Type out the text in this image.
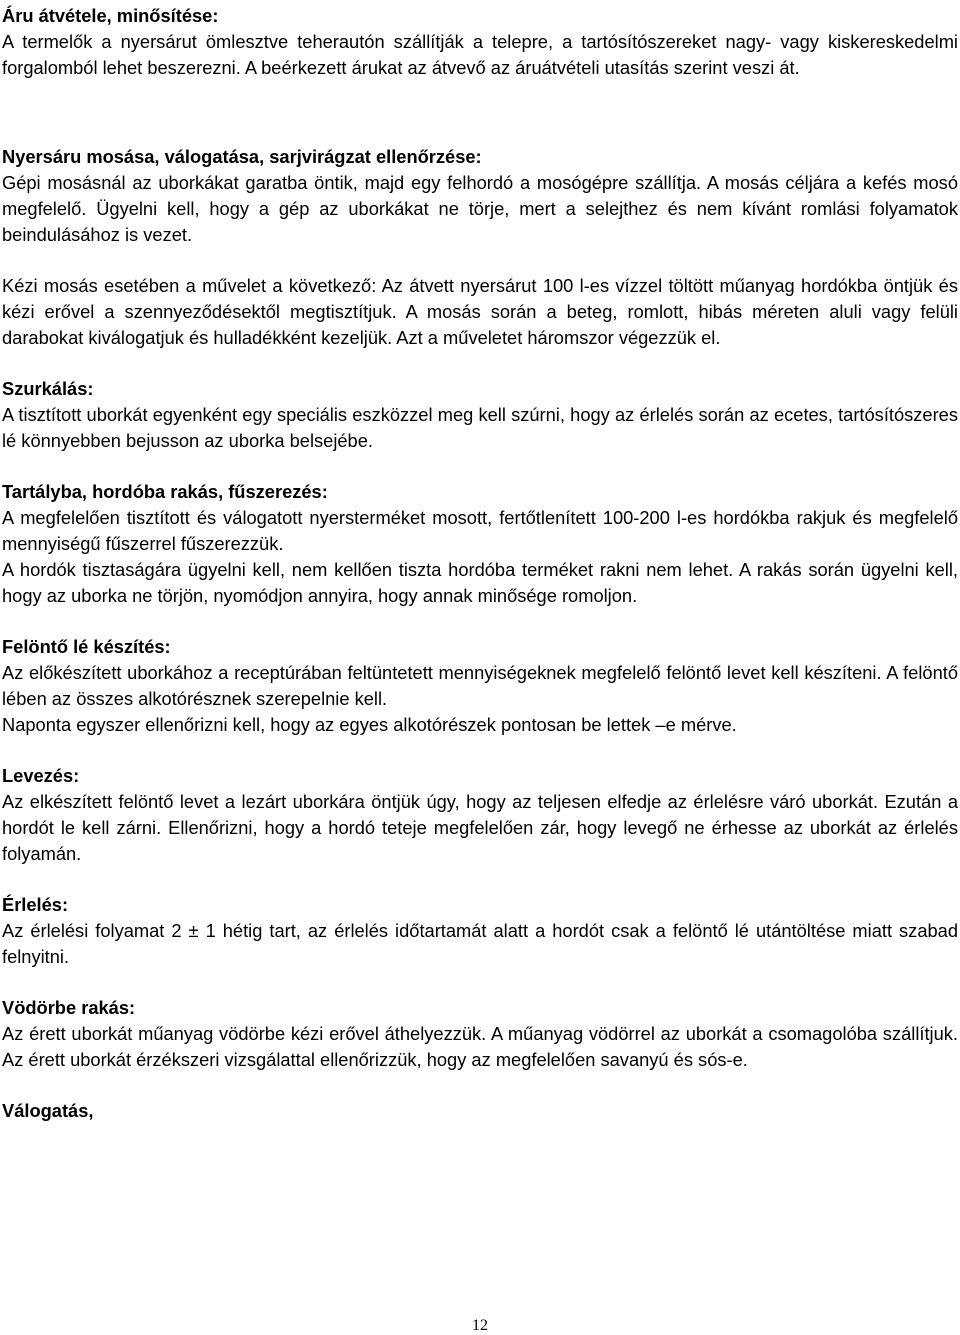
Áru átvétele, minősítése:
A termelők a nyersárut ömlesztve teherautón szállítják a telepre, a tartósítószereket nagy- vagy kiskereskedelmi forgalomból lehet beszerezni. A beérkezett árukat az átvevő az áruátvételi utasítás szerint veszi át.
Nyersáru mosása, válogatása, sarjvirágzat ellenőrzése:
Gépi mosásnál az uborkákat garatba öntik, majd egy felhordó a mosógépre szállítja. A mosás céljára a kefés mosó megfelelő. Ügyelni kell, hogy a gép az uborkákat ne törje, mert a selejthez és nem kívánt romlási folyamatok beindulásához is vezet.
Kézi mosás esetében a művelet a következő: Az átvett nyersárut 100 l-es vízzel töltött műanyag hordókba öntjük és kézi erővel a szennyeződésektől megtisztítjuk. A mosás során a beteg, romlott, hibás méreten aluli vagy felüli darabokat kiválogatjuk és hulladékként kezeljük. Azt a műveletet háromszor végezzük el.
Szurkálás:
A tisztított uborkát egyenként egy speciális eszközzel meg kell szúrni, hogy az érlelés során az ecetes, tartósítószeres lé könnyebben bejusson az uborka belsejébe.
Tartályba, hordóba rakás, fűszerezés:
A megfelelően tisztított és válogatott nyersterméket mosott, fertőtlenített 100-200 l-es hordókba rakjuk és megfelelő mennyiségű fűszerrel fűszerezzük.
A hordók tisztaságára ügyelni kell, nem kellően tiszta hordóba terméket rakni nem lehet. A rakás során ügyelni kell, hogy az uborka ne törjön, nyomódjon annyira, hogy annak minősége romoljon.
Felöntő lé készítés:
Az előkészített uborkához a receptúrában feltüntetett mennyiségeknek megfelelő felöntő levet kell készíteni. A felöntő lében az összes alkotórésznek szerepelnie kell.
Naponta egyszer ellenőrizni kell, hogy az egyes alkotórészek pontosan be lettek –e mérve.
Levezés:
Az elkészített felöntő levet a lezárt uborkára öntjük úgy, hogy az teljesen elfedje az érlelésre váró uborkát. Ezután a hordót le kell zárni. Ellenőrizni, hogy a hordó teteje megfelelően zár, hogy levegő ne érhesse az uborkát az érlelés folyamán.
Érlelés:
Az érlelési folyamat 2 ± 1 hétig tart, az érlelés időtartamát alatt a hordót csak a felöntő lé utántöltése miatt szabad felnyitni.
Vödörbe rakás:
Az érett uborkát műanyag vödörbe kézi erővel áthelyezzük. A műanyag vödörrel az uborkát a csomagolóba szállítjuk. Az érett uborkát érzékszeri vizsgálattal ellenőrizzük, hogy az megfelelően savanyú és sós-e.
Válogatás,
12
